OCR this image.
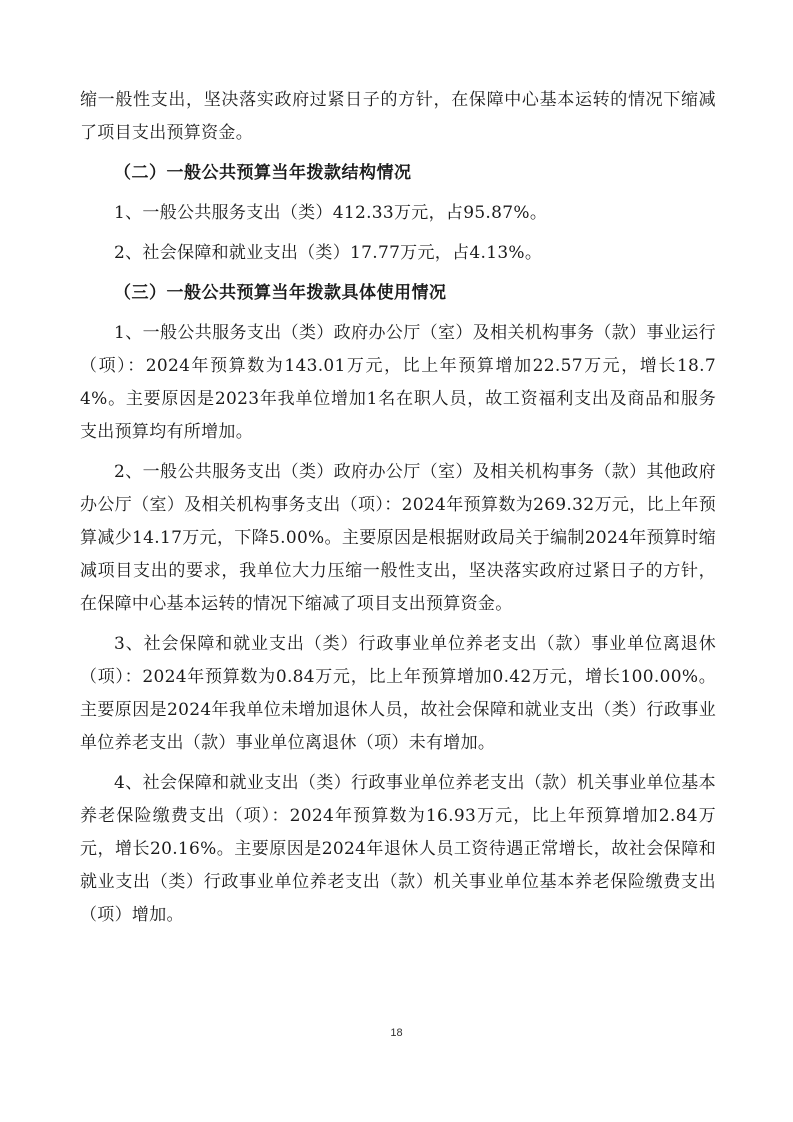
缩一般性支出，坚决落实政府过紧日子的方针，在保障中心基本运转的情况下缩减了项目支出预算资金。

（二）一般公共预算当年拨款结构情况

1、一般公共服务支出（类）412.33万元，占95.87%。

2、社会保障和就业支出（类）17.77万元，占4.13%。

（三）一般公共预算当年拨款具体使用情况

1、一般公共服务支出（类）政府办公厅（室）及相关机构事务（款）事业运行（项）：2024年预算数为143.01万元，比上年预算增加22.57万元，增长18.74%。主要原因是2023年我单位增加1名在职人员，故工资福利支出及商品和服务支出预算均有所增加。

2、一般公共服务支出（类）政府办公厅（室）及相关机构事务（款）其他政府办公厅（室）及相关机构事务支出（项）：2024年预算数为269.32万元，比上年预算减少14.17万元，下降5.00%。主要原因是根据财政局关于编制2024年预算时缩减项目支出的要求，我单位大力压缩一般性支出，坚决落实政府过紧日子的方针，在保障中心基本运转的情况下缩减了项目支出预算资金。

3、社会保障和就业支出（类）行政事业单位养老支出（款）事业单位离退休（项）：2024年预算数为0.84万元，比上年预算增加0.42万元，增长100.00%。主要原因是2024年我单位未增加退休人员，故社会保障和就业支出（类）行政事业单位养老支出（款）事业单位离退休（项）未有增加。

4、社会保障和就业支出（类）行政事业单位养老支出（款）机关事业单位基本养老保险缴费支出（项）：2024年预算数为16.93万元，比上年预算增加2.84万元，增长20.16%。主要原因是2024年退休人员工资待遇正常增长，故社会保障和就业支出（类）行政事业单位养老支出（款）机关事业单位基本养老保险缴费支出（项）增加。

18
